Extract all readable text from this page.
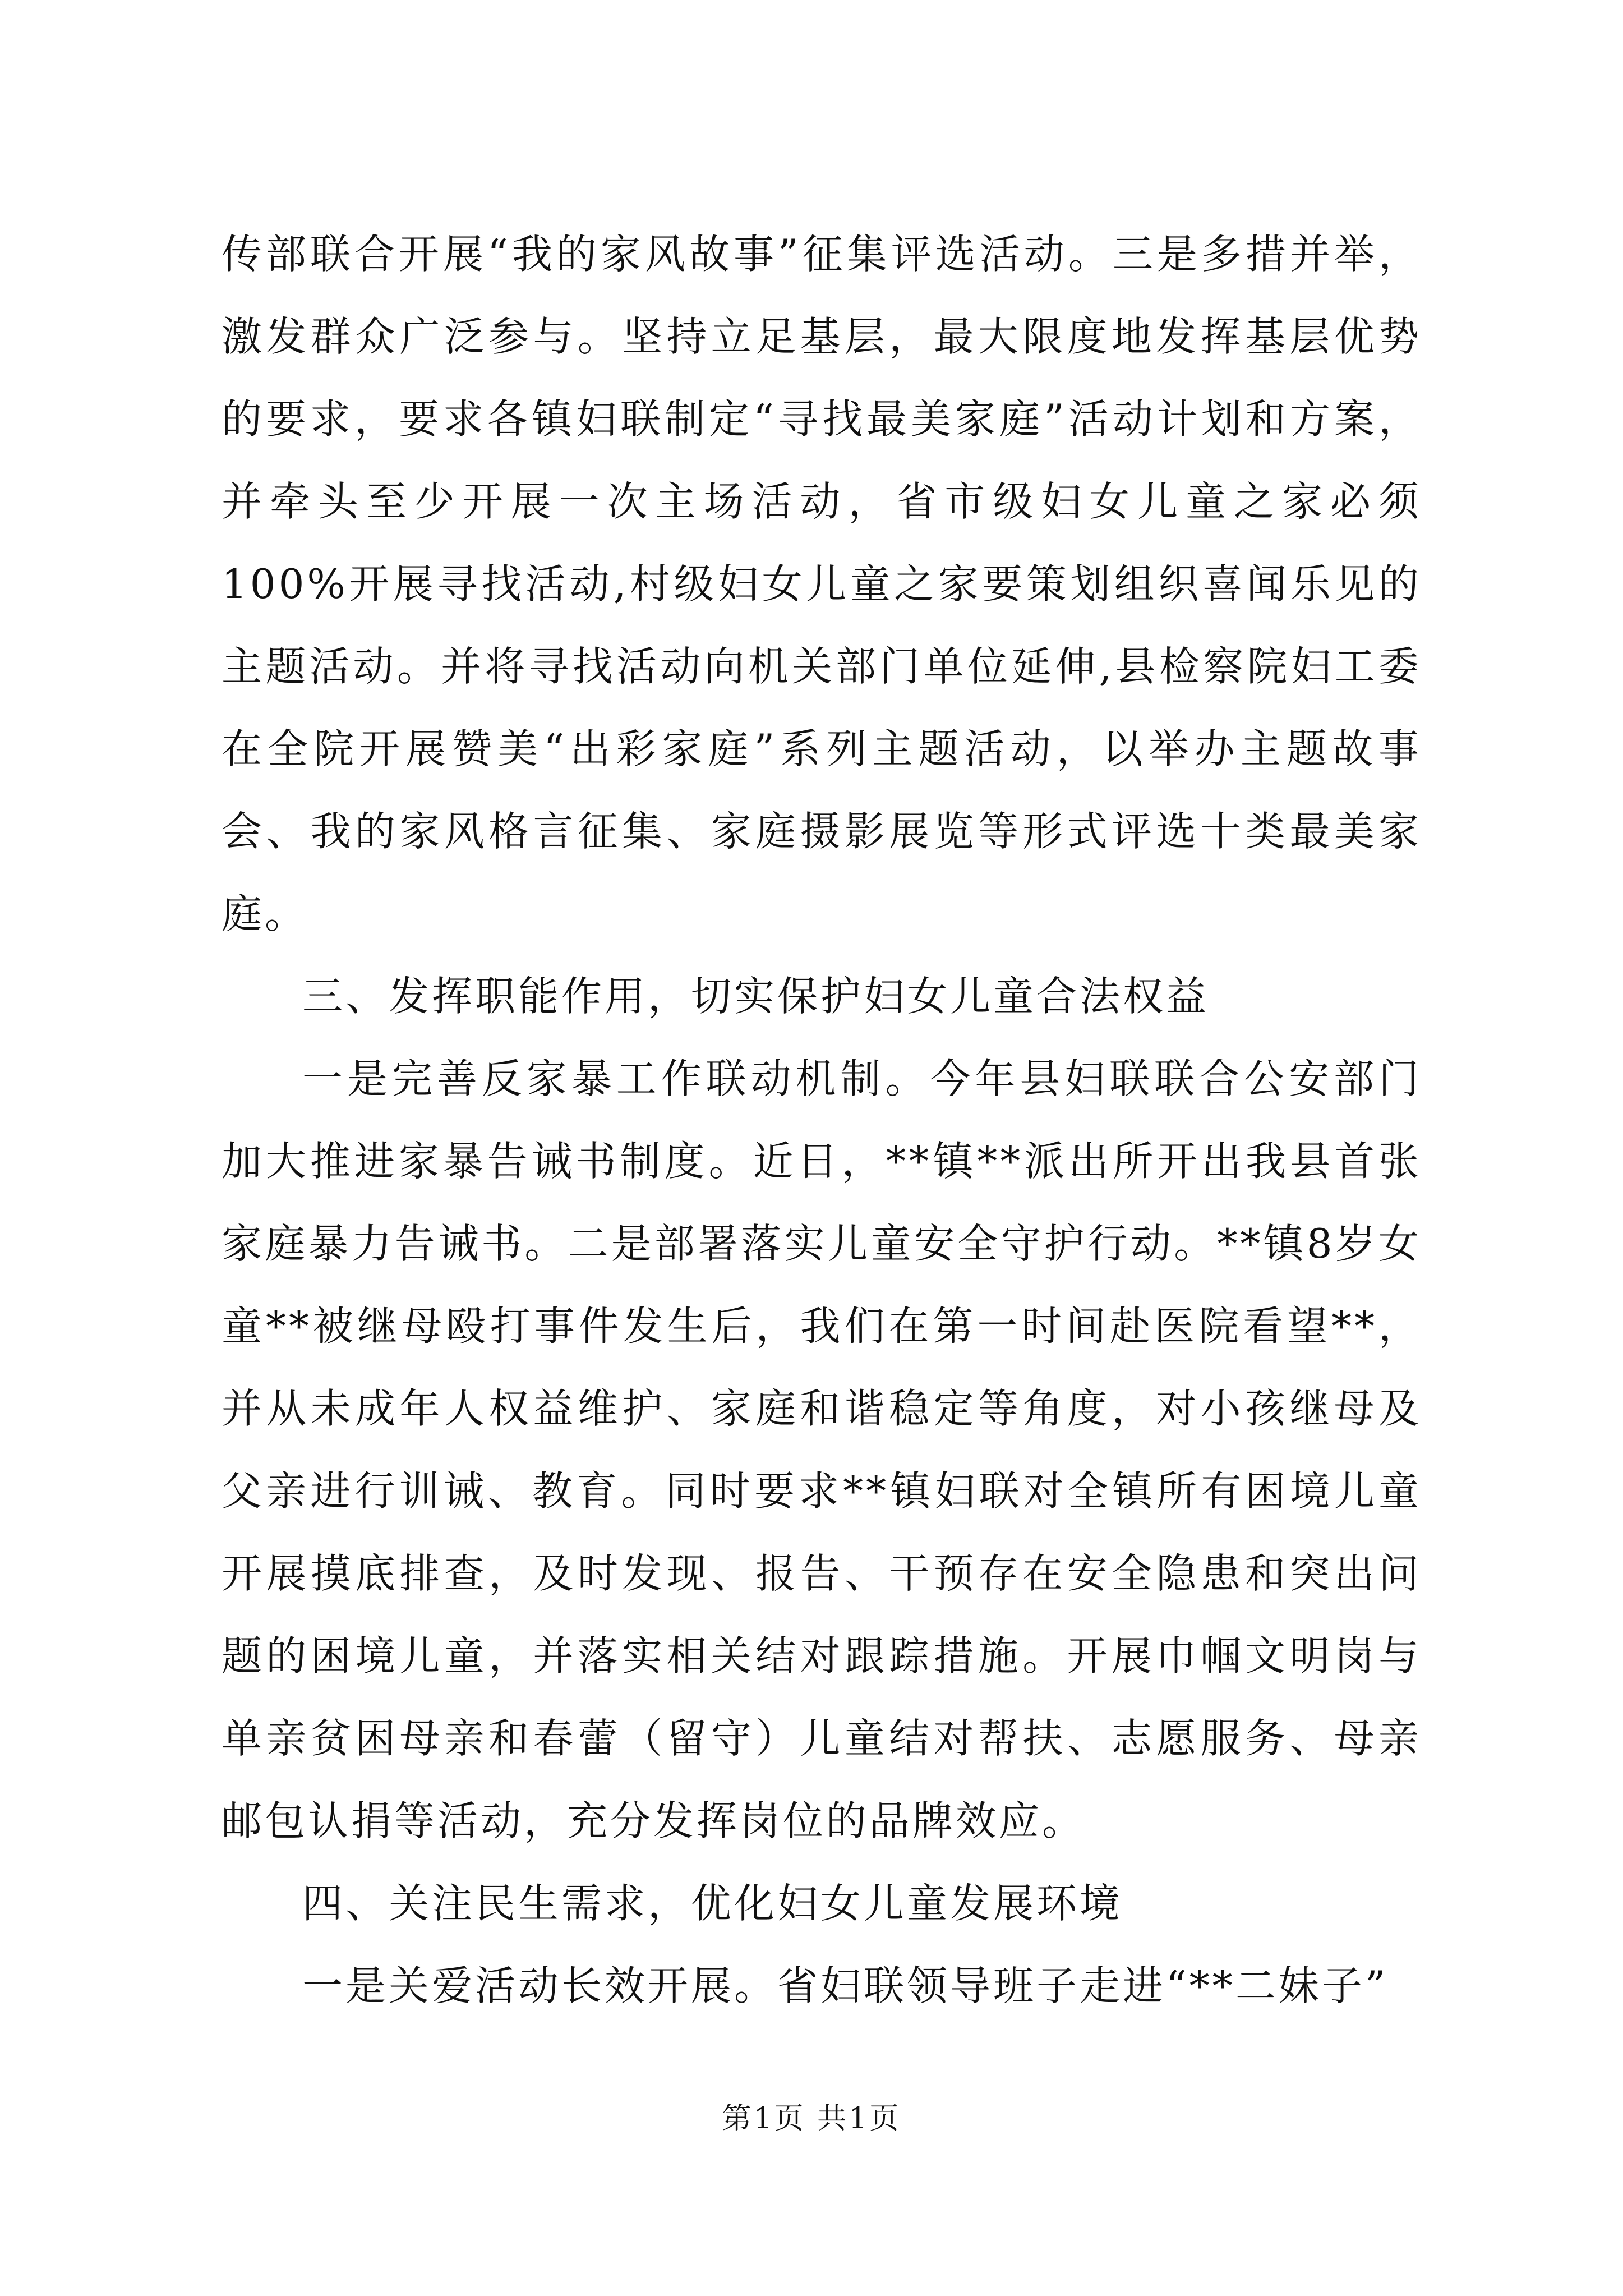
传部联合开展“我的家风故事”征集评选活动。三是多措并举，激发群众广泛参与。坚持立足基层，最大限度地发挥基层优势的要求，要求各镇妇联制定“寻找最美家庭”活动计划和方案，并牵头至少开展一次主场活动，省市级妇女儿童之家必须100%开展寻找活动,村级妇女儿童之家要策划组织喜闻乐见的主题活动。并将寻找活动向机关部门单位延伸,县检察院妇工委在全院开展赞美“出彩家庭”系列主题活动，以举办主题故事会、我的家风格言征集、家庭摄影展览等形式评选十类最美家庭。

三、发挥职能作用，切实保护妇女儿童合法权益

一是完善反家暴工作联动机制。今年县妇联联合公安部门加大推进家暴告诫书制度。近日，**镇**派出所开出我县首张家庭暴力告诫书。二是部署落实儿童安全守护行动。**镇8岁女童**被继母殴打事件发生后，我们在第一时间赴医院看望**，并从未成年人权益维护、家庭和谐稳定等角度，对小孩继母及父亲进行训诫、教育。同时要求**镇妇联对全镇所有困境儿童开展摸底排查，及时发现、报告、干预存在安全隐患和突出问题的困境儿童，并落实相关结对跟踪措施。开展巾帼文明岗与单亲贫困母亲和春蕾（留守）儿童结对帮扶、志愿服务、母亲邮包认捐等活动，充分发挥岗位的品牌效应。

四、关注民生需求，优化妇女儿童发展环境

一是关爱活动长效开展。省妇联领导班子走进“**二妹子”

第1页 共1页
